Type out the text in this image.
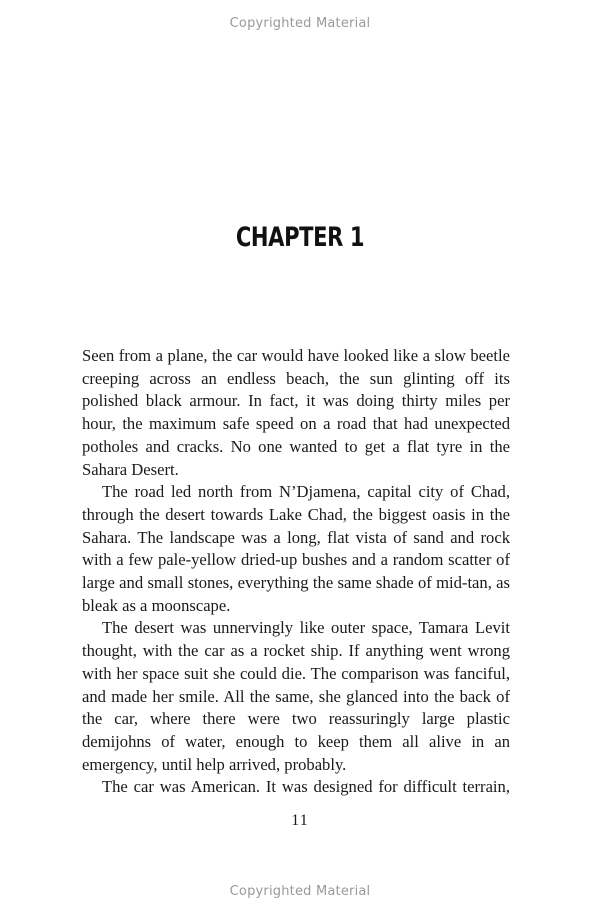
Copyrighted Material
CHAPTER 1

Seen from a plane, the car would have looked like a slow beetle creeping across an endless beach, the sun glinting off its polished black armour. In fact, it was doing thirty miles per hour, the maximum safe speed on a road that had unexpected potholes and cracks. No one wanted to get a flat tyre in the Sahara Desert.

The road led north from N’Djamena, capital city of Chad, through the desert towards Lake Chad, the biggest oasis in the Sahara. The landscape was a long, flat vista of sand and rock with a few pale-yellow dried-up bushes and a random scatter of large and small stones, everything the same shade of mid-tan, as bleak as a moonscape.

The desert was unnervingly like outer space, Tamara Levit thought, with the car as a rocket ship. If anything went wrong with her space suit she could die. The comparison was fanciful, and made her smile. All the same, she glanced into the back of the car, where there were two reassuringly large plastic demijohns of water, enough to keep them all alive in an emergency, until help arrived, probably.

The car was American. It was designed for difficult terrain,

11
Copyrighted Material
